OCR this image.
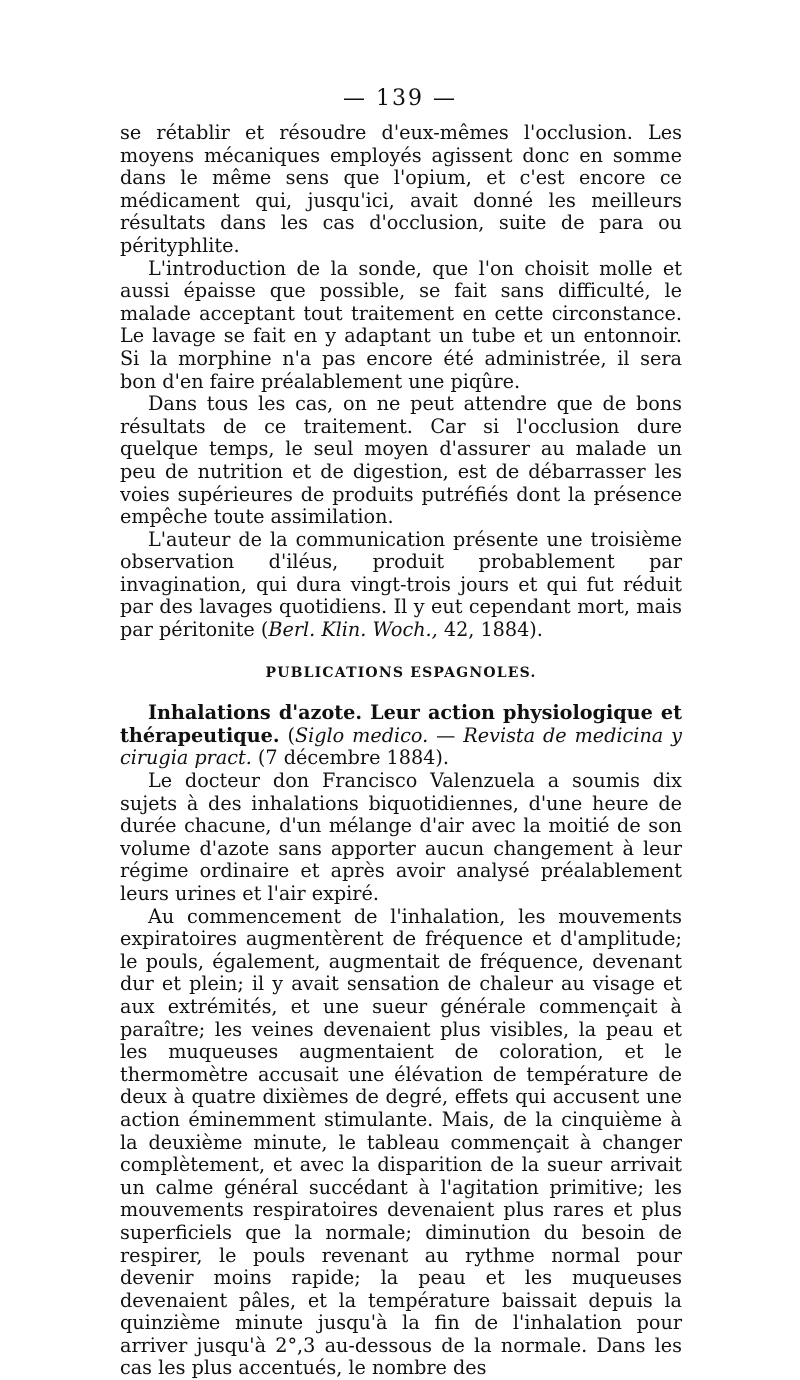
— 139 —

se rétablir et résoudre d'eux-mêmes l'occlusion. Les moyens mécaniques employés agissent donc en somme dans le même sens que l'opium, et c'est encore ce médicament qui, jusqu'ici, avait donné les meilleurs résultats dans les cas d'occlusion, suite de para ou pérityphlite.

L'introduction de la sonde, que l'on choisit molle et aussi épaisse que possible, se fait sans difficulté, le malade acceptant tout traitement en cette circonstance. Le lavage se fait en y adaptant un tube et un entonnoir. Si la morphine n'a pas encore été administrée, il sera bon d'en faire préalablement une piqûre.

Dans tous les cas, on ne peut attendre que de bons résultats de ce traitement. Car si l'occlusion dure quelque temps, le seul moyen d'assurer au malade un peu de nutrition et de digestion, est de débarrasser les voies supérieures de produits putréfiés dont la présence empêche toute assimilation.

L'auteur de la communication présente une troisième observation d'iléus, produit probablement par invagination, qui dura vingt-trois jours et qui fut réduit par des lavages quotidiens. Il y eut cependant mort, mais par péritonite (Berl. Klin. Woch., 42, 1884).

PUBLICATIONS ESPAGNOLES.

Inhalations d'azote. Leur action physiologique et thérapeutique. (Siglo medico. — Revista de medicina y cirugia pract. (7 décembre 1884).

Le docteur don Francisco Valenzuela a soumis dix sujets à des inhalations biquotidiennes, d'une heure de durée chacune, d'un mélange d'air avec la moitié de son volume d'azote sans apporter aucun changement à leur régime ordinaire et après avoir analysé préalablement leurs urines et l'air expiré.

Au commencement de l'inhalation, les mouvements expiratoires augmentèrent de fréquence et d'amplitude; le pouls, également, augmentait de fréquence, devenant dur et plein; il y avait sensation de chaleur au visage et aux extrémités, et une sueur générale commençait à paraître; les veines devenaient plus visibles, la peau et les muqueuses augmentaient de coloration, et le thermomètre accusait une élévation de température de deux à quatre dixièmes de degré, effets qui accusent une action éminemment stimulante. Mais, de la cinquième à la deuxième minute, le tableau commençait à changer complètement, et avec la disparition de la sueur arrivait un calme général succédant à l'agitation primitive; les mouvements respiratoires devenaient plus rares et plus superficiels que la normale; diminution du besoin de respirer, le pouls revenant au rythme normal pour devenir moins rapide; la peau et les muqueuses devenaient pâles, et la température baissait depuis la quinzième minute jusqu'à la fin de l'inhalation pour arriver jusqu'à 2°,3 au-dessous de la normale. Dans les cas les plus accentués, le nombre des
